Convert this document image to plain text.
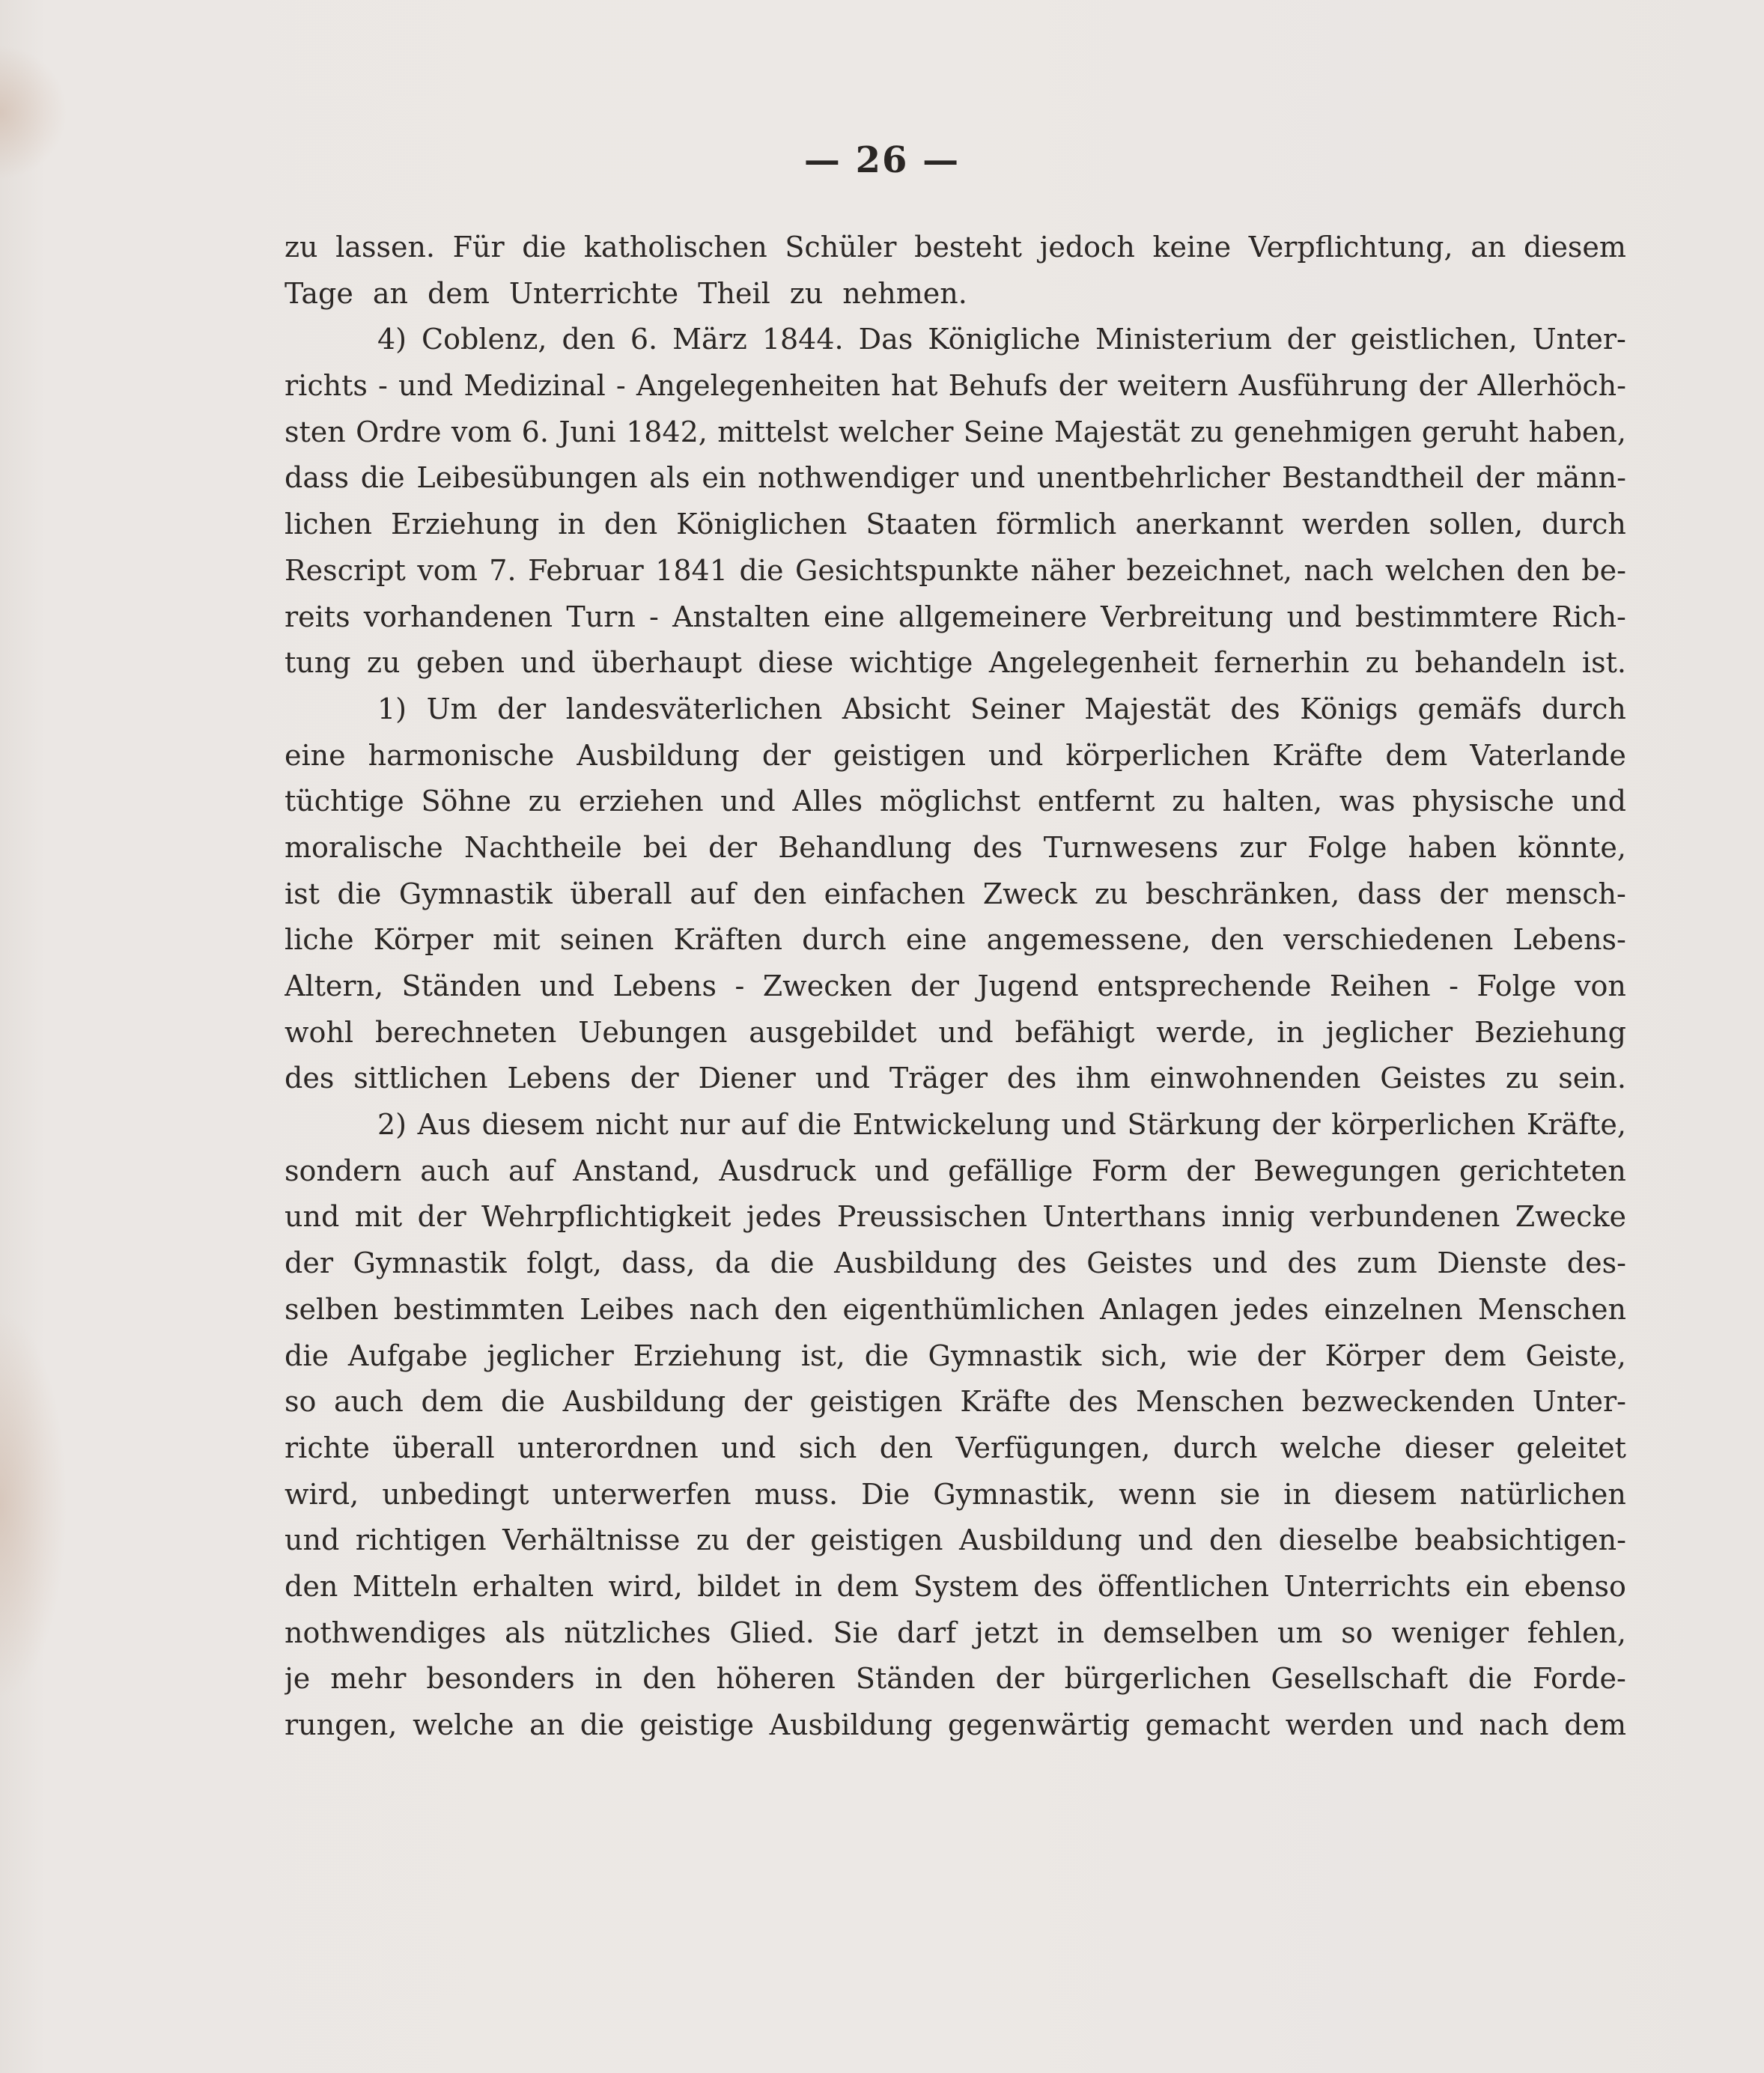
— 26 —
zu lassen. Für die katholischen Schüler besteht jedoch keine Verpflichtung, an diesem
Tage an dem Unterrichte Theil zu nehmen.
4) Coblenz, den 6. März 1844. Das Königliche Ministerium der geistlichen, Unter-
richts - und Medizinal - Angelegenheiten hat Behufs der weitern Ausführung der Allerhöch-
sten Ordre vom 6. Juni 1842, mittelst welcher Seine Majestät zu genehmigen geruht haben,
dass die Leibesübungen als ein nothwendiger und unentbehrlicher Bestandtheil der männ-
lichen Erziehung in den Königlichen Staaten förmlich anerkannt werden sollen, durch
Rescript vom 7. Februar 1841 die Gesichtspunkte näher bezeichnet, nach welchen den be-
reits vorhandenen Turn - Anstalten eine allgemeinere Verbreitung und bestimmtere Rich-
tung zu geben und überhaupt diese wichtige Angelegenheit fernerhin zu behandeln ist.
1) Um der landesväterlichen Absicht Seiner Majestät des Königs gemäfs durch
eine harmonische Ausbildung der geistigen und körperlichen Kräfte dem Vaterlande
tüchtige Söhne zu erziehen und Alles möglichst entfernt zu halten, was physische und
moralische Nachtheile bei der Behandlung des Turnwesens zur Folge haben könnte,
ist die Gymnastik überall auf den einfachen Zweck zu beschränken, dass der mensch-
liche Körper mit seinen Kräften durch eine angemessene, den verschiedenen Lebens-
Altern, Ständen und Lebens - Zwecken der Jugend entsprechende Reihen - Folge von
wohl berechneten Uebungen ausgebildet und befähigt werde, in jeglicher Beziehung
des sittlichen Lebens der Diener und Träger des ihm einwohnenden Geistes zu sein.
2) Aus diesem nicht nur auf die Entwickelung und Stärkung der körperlichen Kräfte,
sondern auch auf Anstand, Ausdruck und gefällige Form der Bewegungen gerichteten
und mit der Wehrpflichtigkeit jedes Preussischen Unterthans innig verbundenen Zwecke
der Gymnastik folgt, dass, da die Ausbildung des Geistes und des zum Dienste des-
selben bestimmten Leibes nach den eigenthümlichen Anlagen jedes einzelnen Menschen
die Aufgabe jeglicher Erziehung ist, die Gymnastik sich, wie der Körper dem Geiste,
so auch dem die Ausbildung der geistigen Kräfte des Menschen bezweckenden Unter-
richte überall unterordnen und sich den Verfügungen, durch welche dieser geleitet
wird, unbedingt unterwerfen muss. Die Gymnastik, wenn sie in diesem natürlichen
und richtigen Verhältnisse zu der geistigen Ausbildung und den dieselbe beabsichtigen-
den Mitteln erhalten wird, bildet in dem System des öffentlichen Unterrichts ein ebenso
nothwendiges als nützliches Glied. Sie darf jetzt in demselben um so weniger fehlen,
je mehr besonders in den höheren Ständen der bürgerlichen Gesellschaft die Forde-
rungen, welche an die geistige Ausbildung gegenwärtig gemacht werden und nach dem
